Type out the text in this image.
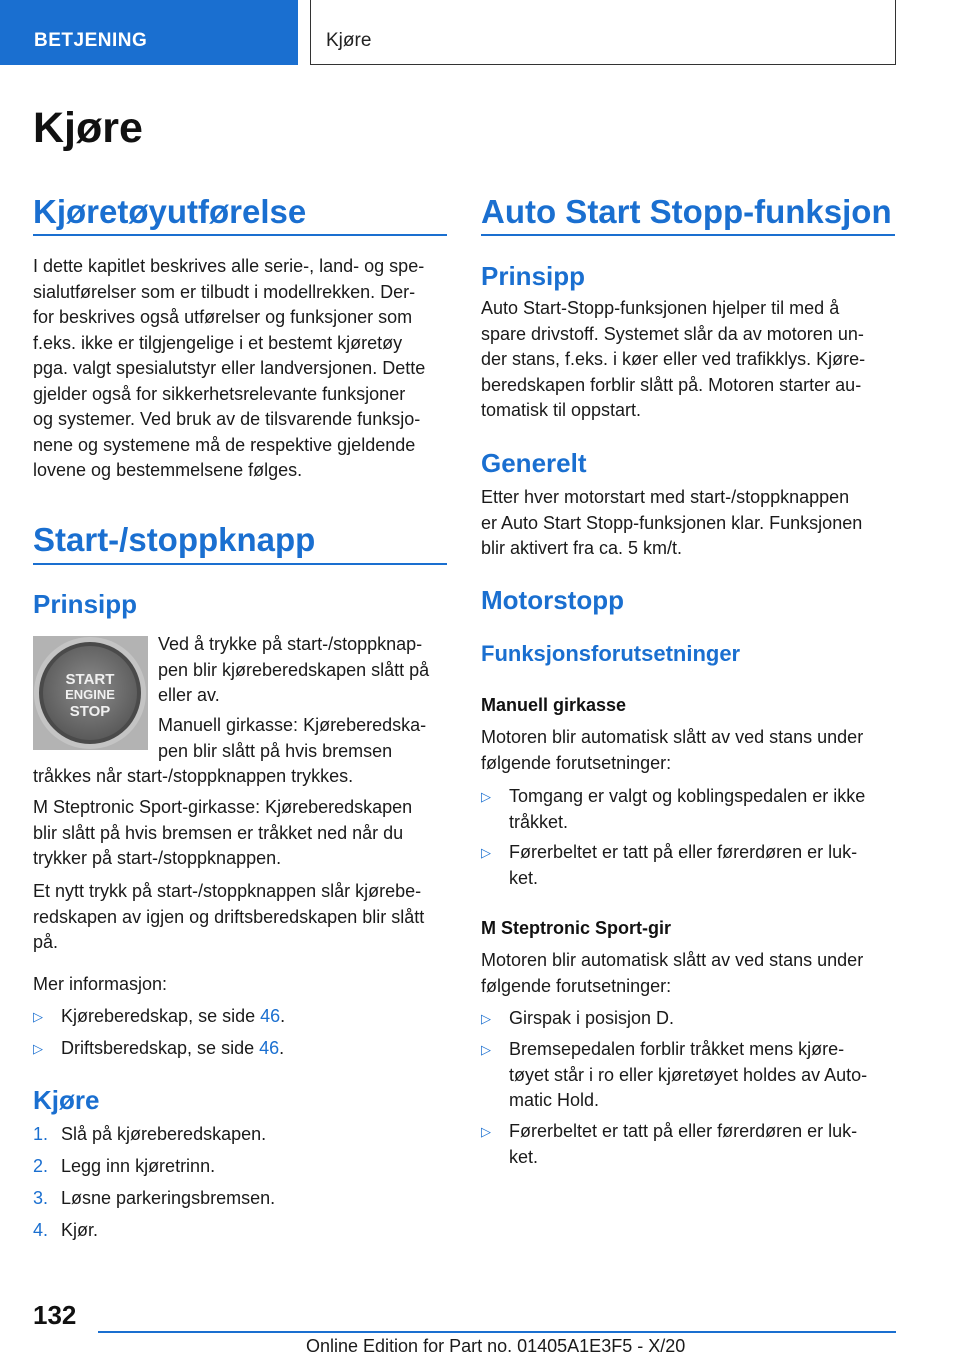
BETJENING	Kjøre
Kjøre
Kjøretøyutførelse
I dette kapitlet beskrives alle serie-, land- og spe-
sialutførelser som er tilbudt i modellrekken. Der-
for beskrives også utførelser og funksjoner som
f.eks. ikke er tilgjengelige i et bestemt kjøretøy
pga. valgt spesialutstyr eller landversjonen. Dette
gjelder også for sikkerhetsrelevante funksjoner
og systemer. Ved bruk av de tilsvarende funksjo-
nene og systemene må de respektive gjeldende
lovene og bestemmelsene følges.
Start-/stoppknapp
Prinsipp
START
ENGINE
STOP
Ved å trykke på start-/stoppknap-
pen blir kjøreberedskapen slått på
eller av.
Manuell girkasse: Kjøreberedska-
pen blir slått på hvis bremsen
tråkkes når start-/stoppknappen trykkes.
M Steptronic Sport-girkasse: Kjøreberedskapen
blir slått på hvis bremsen er tråkket ned når du
trykker på start-/stoppknappen.
Et nytt trykk på start-/stoppknappen slår kjørebe-
redskapen av igjen og driftsberedskapen blir slått
på.
Mer informasjon:
▷ Kjøreberedskap, se side 46.
▷ Driftsberedskap, se side 46.
Kjøre
1. Slå på kjøreberedskapen.
2. Legg inn kjøretrinn.
3. Løsne parkeringsbremsen.
4. Kjør.
Auto Start Stopp-funksjon
Prinsipp
Auto Start-Stopp-funksjonen hjelper til med å
spare drivstoff. Systemet slår da av motoren un-
der stans, f.eks. i køer eller ved trafikklys. Kjøre-
beredskapen forblir slått på. Motoren starter au-
tomatisk til oppstart.
Generelt
Etter hver motorstart med start-/stoppknappen
er Auto Start Stopp-funksjonen klar. Funksjonen
blir aktivert fra ca. 5 km/t.
Motorstopp
Funksjonsforutsetninger
Manuell girkasse
Motoren blir automatisk slått av ved stans under
følgende forutsetninger:
▷ Tomgang er valgt og koblingspedalen er ikke
tråkket.
▷ Førerbeltet er tatt på eller førerdøren er luk-
ket.
M Steptronic Sport-gir
Motoren blir automatisk slått av ved stans under
følgende forutsetninger:
▷ Girspak i posisjon D.
▷ Bremsepedalen forblir tråkket mens kjøre-
tøyet står i ro eller kjøretøyet holdes av Auto-
matic Hold.
▷ Førerbeltet er tatt på eller førerdøren er luk-
ket.
132
Online Edition for Part no. 01405A1E3F5 - X/20
